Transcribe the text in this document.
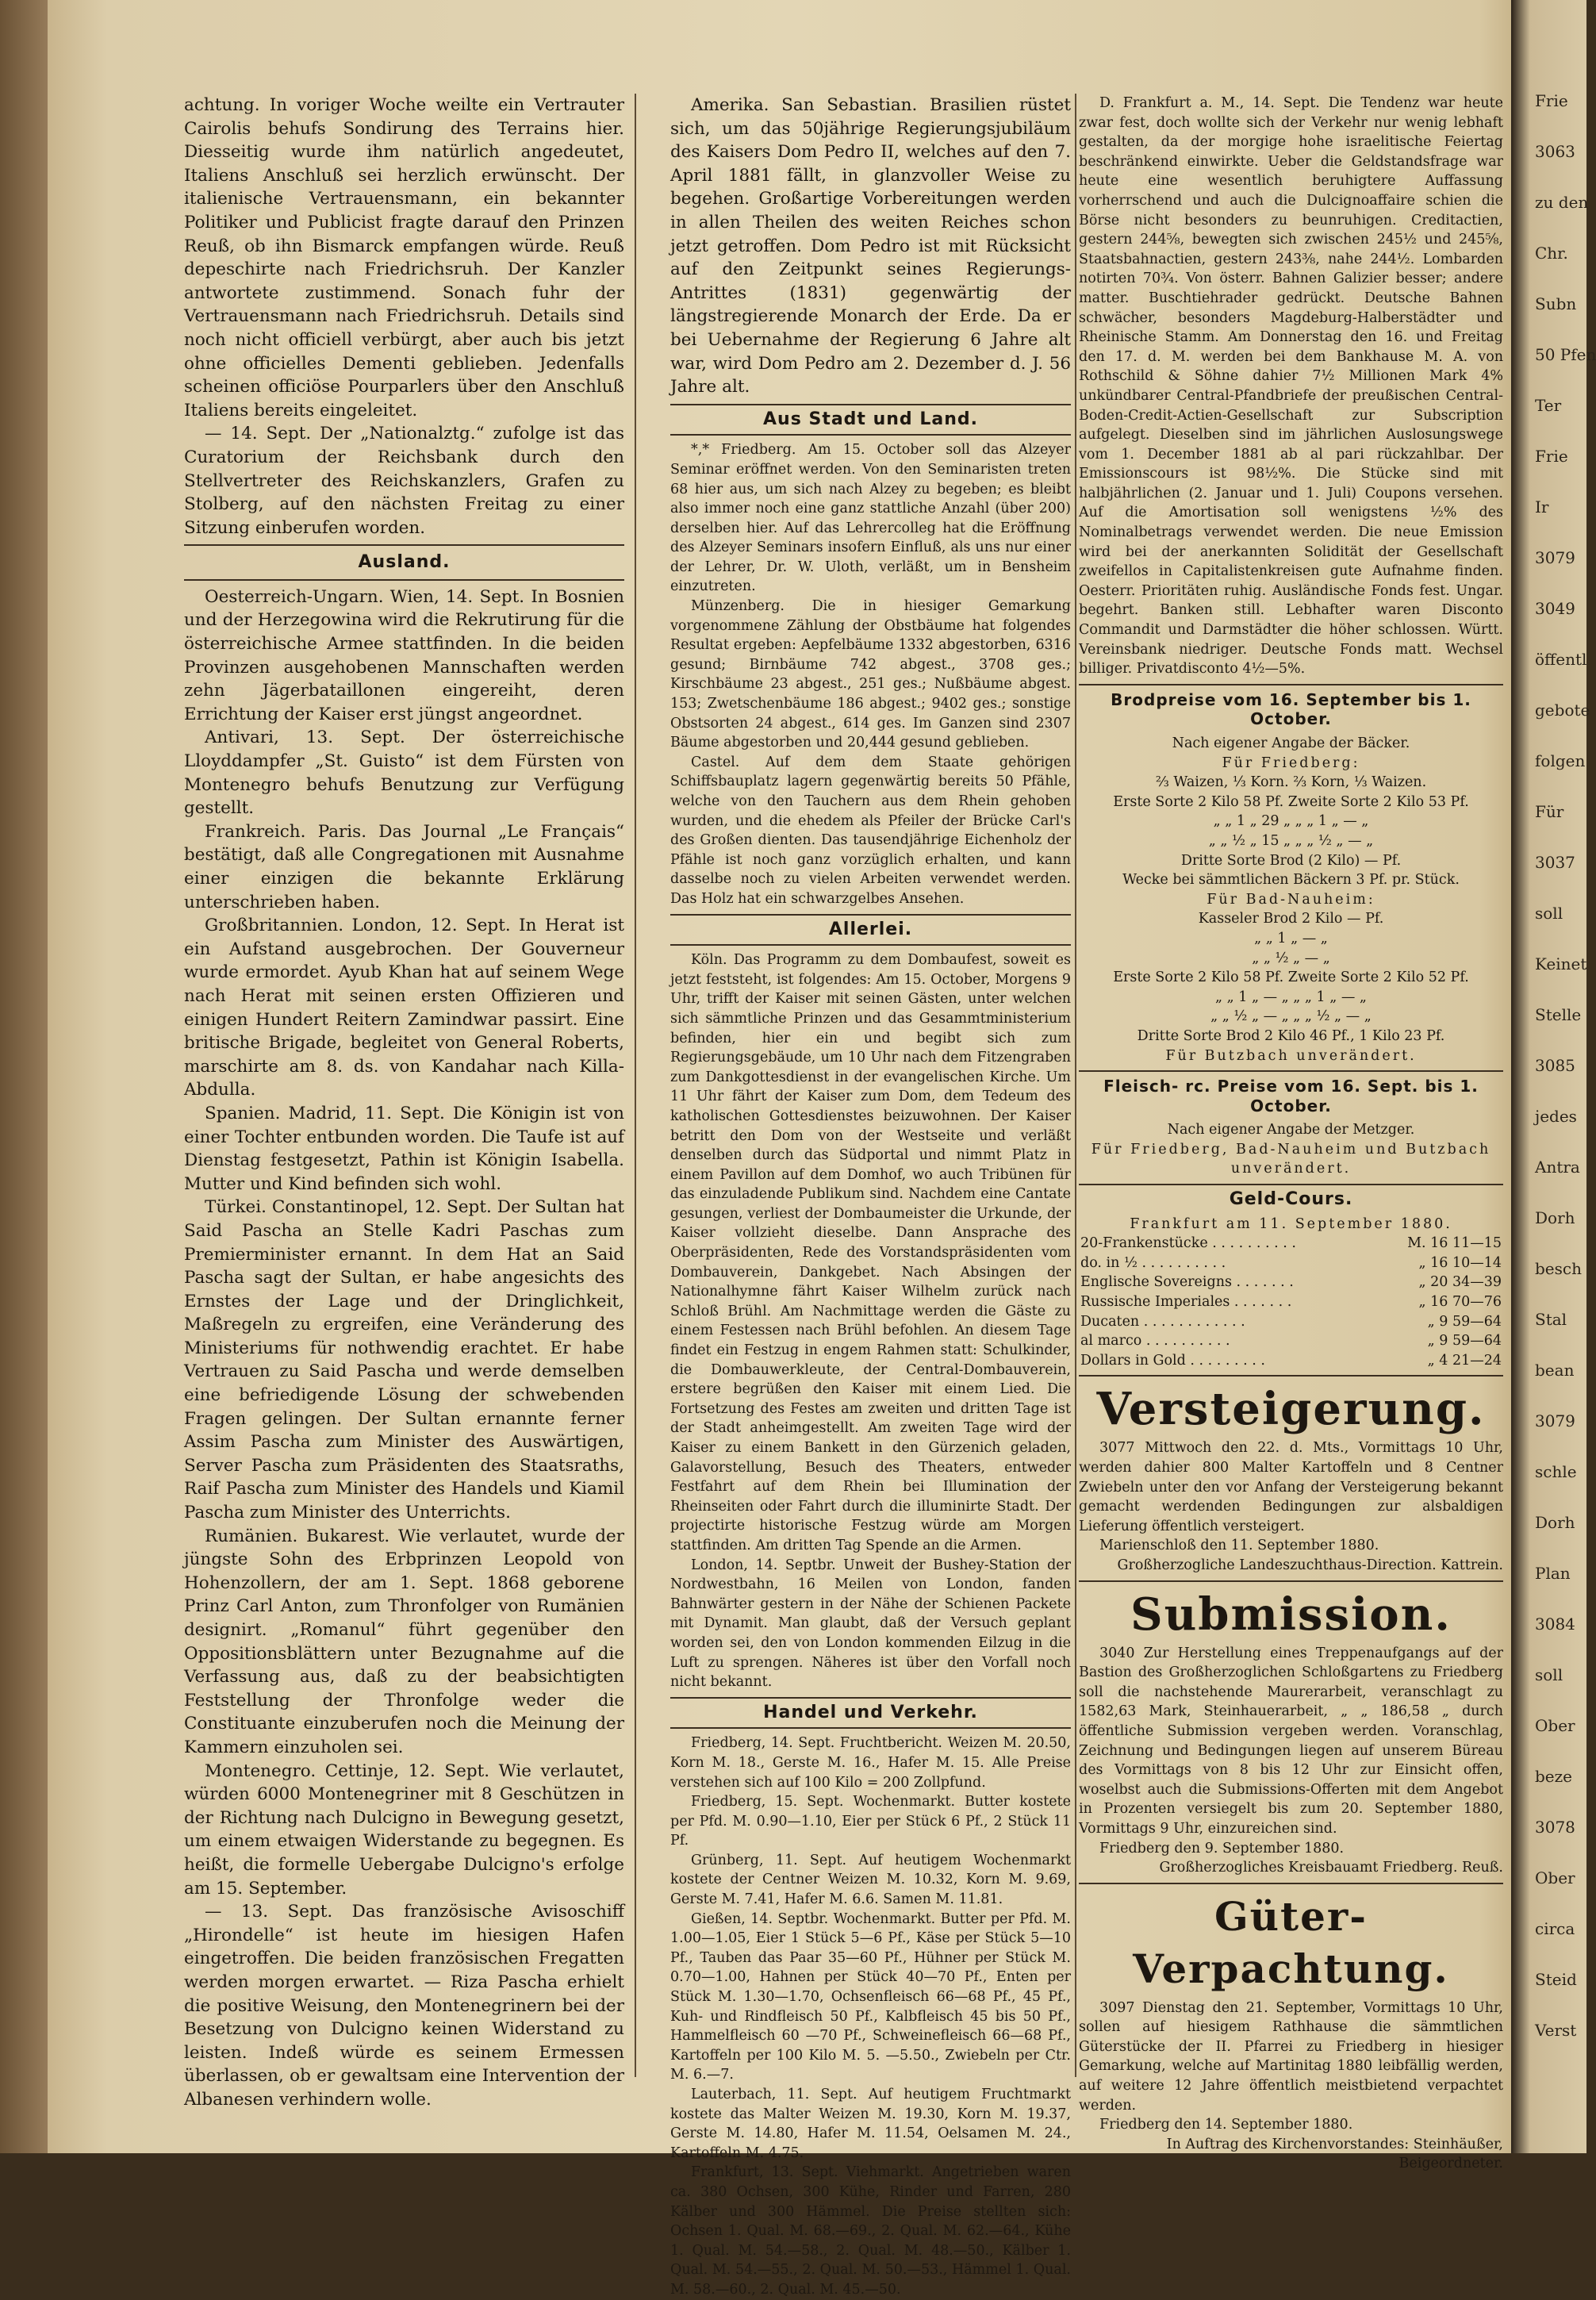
achtung. In voriger Woche weilte ein Vertrauter Cairolis behufs Sondirung des Terrains hier. Diesseitig wurde ihm natürlich angedeutet, Italiens Anschluß sei herzlich erwünscht. Der italienische Vertrauensmann, ein bekannter Politiker und Publicist fragte darauf den Prinzen Reuß, ob ihn Bismarck empfangen würde. Reuß depeschirte nach Friedrichsruh. Der Kanzler antwortete zustimmend. Sonach fuhr der Vertrauensmann nach Friedrichsruh. Details sind noch nicht officiell verbürgt, aber auch bis jetzt ohne officielles Dementi geblieben. Jedenfalls scheinen officiöse Pourparlers über den Anschluß Italiens bereits eingeleitet.

— 14. Sept. Der „Nationalztg.“ zufolge ist das Curatorium der Reichsbank durch den Stellvertreter des Reichskanzlers, Grafen zu Stolberg, auf den nächsten Freitag zu einer Sitzung einberufen worden.

Ausland.

Oesterreich-Ungarn. Wien, 14. Sept. In Bosnien und der Herzegowina wird die Rekrutirung für die österreichische Armee stattfinden. In die beiden Provinzen ausgehobenen Mannschaften werden zehn Jägerbataillonen eingereiht, deren Errichtung der Kaiser erst jüngst angeordnet.

Antivari, 13. Sept. Der österreichische Lloyddampfer „St. Guisto“ ist dem Fürsten von Montenegro behufs Benutzung zur Verfügung gestellt.

Frankreich. Paris. Das Journal „Le Français“ bestätigt, daß alle Congregationen mit Ausnahme einer einzigen die bekannte Erklärung unterschrieben haben.

Großbritannien. London, 12. Sept. In Herat ist ein Aufstand ausgebrochen. Der Gouverneur wurde ermordet. Ayub Khan hat auf seinem Wege nach Herat mit seinen ersten Offizieren und einigen Hundert Reitern Zamindwar passirt. Eine britische Brigade, begleitet von General Roberts, marschirte am 8. ds. von Kandahar nach Killa-Abdulla.

Spanien. Madrid, 11. Sept. Die Königin ist von einer Tochter entbunden worden. Die Taufe ist auf Dienstag festgesetzt, Pathin ist Königin Isabella. Mutter und Kind befinden sich wohl.

Türkei. Constantinopel, 12. Sept. Der Sultan hat Said Pascha an Stelle Kadri Paschas zum Premierminister ernannt. In dem Hat an Said Pascha sagt der Sultan, er habe angesichts des Ernstes der Lage und der Dringlichkeit, Maßregeln zu ergreifen, eine Veränderung des Ministeriums für nothwendig erachtet. Er habe Vertrauen zu Said Pascha und werde demselben eine befriedigende Lösung der schwebenden Fragen gelingen. Der Sultan ernannte ferner Assim Pascha zum Minister des Auswärtigen, Server Pascha zum Präsidenten des Staatsraths, Raif Pascha zum Minister des Handels und Kiamil Pascha zum Minister des Unterrichts.

Rumänien. Bukarest. Wie verlautet, wurde der jüngste Sohn des Erbprinzen Leopold von Hohenzollern, der am 1. Sept. 1868 geborene Prinz Carl Anton, zum Thronfolger von Rumänien designirt. „Romanul“ führt gegenüber den Oppositionsblättern unter Bezugnahme auf die Verfassung aus, daß zu der beabsichtigten Feststellung der Thronfolge weder die Constituante einzuberufen noch die Meinung der Kammern einzuholen sei.

Montenegro. Cettinje, 12. Sept. Wie verlautet, würden 6000 Montenegriner mit 8 Geschützen in der Richtung nach Dulcigno in Bewegung gesetzt, um einem etwaigen Widerstande zu begegnen. Es heißt, die formelle Uebergabe Dulcigno's erfolge am 15. September.

— 13. Sept. Das französische Avisoschiff „Hirondelle“ ist heute im hiesigen Hafen eingetroffen. Die beiden französischen Fregatten werden morgen erwartet. — Riza Pascha erhielt die positive Weisung, den Montenegrinern bei der Besetzung von Dulcigno keinen Widerstand zu leisten. Indeß würde es seinem Ermessen überlassen, ob er gewaltsam eine Intervention der Albanesen verhindern wolle.

Amerika. San Sebastian. Brasilien rüstet sich, um das 50jährige Regierungsjubiläum des Kaisers Dom Pedro II, welches auf den 7. April 1881 fällt, in glanzvoller Weise zu begehen. Großartige Vorbereitungen werden in allen Theilen des weiten Reiches schon jetzt getroffen. Dom Pedro ist mit Rücksicht auf den Zeitpunkt seines Regierungs-Antrittes (1831) gegenwärtig der längstregierende Monarch der Erde. Da er bei Uebernahme der Regierung 6 Jahre alt war, wird Dom Pedro am 2. Dezember d. J. 56 Jahre alt.

Aus Stadt und Land.

*,* Friedberg. Am 15. October soll das Alzeyer Seminar eröffnet werden. Von den Seminaristen treten 68 hier aus, um sich nach Alzey zu begeben; es bleibt also immer noch eine ganz stattliche Anzahl (über 200) derselben hier. Auf das Lehrercolleg hat die Eröffnung des Alzeyer Seminars insofern Einfluß, als uns nur einer der Lehrer, Dr. W. Uloth, verläßt, um in Bensheim einzutreten.

Münzenberg. Die in hiesiger Gemarkung vorgenommene Zählung der Obstbäume hat folgendes Resultat ergeben: Aepfelbäume 1332 abgestorben, 6316 gesund; Birnbäume 742 abgest., 3708 ges.; Kirschbäume 23 abgest., 251 ges.; Nußbäume abgest. 153; Zwetschenbäume 186 abgest.; 9402 ges.; sonstige Obstsorten 24 abgest., 614 ges. Im Ganzen sind 2307 Bäume abgestorben und 20,444 gesund geblieben.

Castel. Auf dem dem Staate gehörigen Schiffsbauplatz lagern gegenwärtig bereits 50 Pfähle, welche von den Tauchern aus dem Rhein gehoben wurden, und die ehedem als Pfeiler der Brücke Carl's des Großen dienten. Das tausendjährige Eichenholz der Pfähle ist noch ganz vorzüglich erhalten, und kann dasselbe noch zu vielen Arbeiten verwendet werden. Das Holz hat ein schwarzgelbes Ansehen.

Allerlei.

Köln. Das Programm zu dem Dombaufest, soweit es jetzt feststeht, ist folgendes: Am 15. October, Morgens 9 Uhr, trifft der Kaiser mit seinen Gästen, unter welchen sich sämmtliche Prinzen und das Gesammtministerium befinden, hier ein und begibt sich zum Regierungsgebäude, um 10 Uhr nach dem Fitzengraben zum Dankgottesdienst in der evangelischen Kirche. Um 11 Uhr fährt der Kaiser zum Dom, dem Tedeum des katholischen Gottesdienstes beizuwohnen. Der Kaiser betritt den Dom von der Westseite und verläßt denselben durch das Südportal und nimmt Platz in einem Pavillon auf dem Domhof, wo auch Tribünen für das einzuladende Publikum sind. Nachdem eine Cantate gesungen, verliest der Dombaumeister die Urkunde, der Kaiser vollzieht dieselbe. Dann Ansprache des Oberpräsidenten, Rede des Vorstandspräsidenten vom Dombauverein, Dankgebet. Nach Absingen der Nationalhymne fährt Kaiser Wilhelm zurück nach Schloß Brühl. Am Nachmittage werden die Gäste zu einem Festessen nach Brühl befohlen. An diesem Tage findet ein Festzug in engem Rahmen statt: Schulkinder, die Dombauwerkleute, der Central-Dombauverein, erstere begrüßen den Kaiser mit einem Lied. Die Fortsetzung des Festes am zweiten und dritten Tage ist der Stadt anheimgestellt. Am zweiten Tage wird der Kaiser zu einem Bankett in den Gürzenich geladen, Galavorstellung, Besuch des Theaters, entweder Festfahrt auf dem Rhein bei Illumination der Rheinseiten oder Fahrt durch die illuminirte Stadt. Der projectirte historische Festzug würde am Morgen stattfinden. Am dritten Tag Spende an die Armen.

London, 14. Septbr. Unweit der Bushey-Station der Nordwestbahn, 16 Meilen von London, fanden Bahnwärter gestern in der Nähe der Schienen Packete mit Dynamit. Man glaubt, daß der Versuch geplant worden sei, den von London kommenden Eilzug in die Luft zu sprengen. Näheres ist über den Vorfall noch nicht bekannt.

Handel und Verkehr.

Friedberg, 14. Sept. Fruchtbericht. Weizen M. 20.50, Korn M. 18., Gerste M. 16., Hafer M. 15. Alle Preise verstehen sich auf 100 Kilo = 200 Zollpfund.

Friedberg, 15. Sept. Wochenmarkt. Butter kostete per Pfd. M. 0.90—1.10, Eier per Stück 6 Pf., 2 Stück 11 Pf.

Grünberg, 11. Sept. Auf heutigem Wochenmarkt kostete der Centner Weizen M. 10.32, Korn M. 9.69, Gerste M. 7.41, Hafer M. 6.6. Samen M. 11.81.

Gießen, 14. Septbr. Wochenmarkt. Butter per Pfd. M. 1.00—1.05, Eier 1 Stück 5—6 Pf., Käse per Stück 5—10 Pf., Tauben das Paar 35—60 Pf., Hühner per Stück M. 0.70—1.00, Hahnen per Stück 40—70 Pf., Enten per Stück M. 1.30—1.70, Ochsenfleisch 66—68 Pf., 45 Pf., Kuh- und Rindfleisch 50 Pf., Kalbfleisch 45 bis 50 Pf., Hammelfleisch 60 —70 Pf., Schweinefleisch 66—68 Pf., Kartoffeln per 100 Kilo M. 5. —5.50., Zwiebeln per Ctr. M. 6.—7.

Lauterbach, 11. Sept. Auf heutigem Fruchtmarkt kostete das Malter Weizen M. 19.30, Korn M. 19.37, Gerste M. 14.80, Hafer M. 11.54, Oelsamen M. 24., Kartoffeln M. 4.75.

Frankfurt, 13. Sept. Viehmarkt. Angetrieben waren ca. 380 Ochsen, 300 Kühe, Rinder und Farren, 280 Kälber und 300 Hämmel. Die Preise stellten sich: Ochsen 1. Qual. M. 68.—69., 2. Qual. M. 62.—64., Kühe 1. Qual. M. 54.—58., 2. Qual. M. 48.—50., Kälber 1. Qual. M. 54.—55., 2. Qual. M. 50.—53., Hämmel 1. Qual. M. 58.—60., 2. Qual. M. 45.—50.

D. Frankfurt a. M., 14. Sept. Die Tendenz war heute zwar fest, doch wollte sich der Verkehr nur wenig lebhaft gestalten, da der morgige hohe israelitische Feiertag beschränkend einwirkte. Ueber die Geldstandsfrage war heute eine wesentlich beruhigtere Auffassung vorherrschend und auch die Dulcignoaffaire schien die Börse nicht besonders zu beunruhigen. Creditactien, gestern 244⅝, bewegten sich zwischen 245½ und 245⅝, Staatsbahnactien, gestern 243⅜, nahe 244½. Lombarden notirten 70¾. Von österr. Bahnen Galizier besser; andere matter. Buschtiehrader gedrückt. Deutsche Bahnen schwächer, besonders Magdeburg-Halberstädter und Rheinische Stamm. Am Donnerstag den 16. und Freitag den 17. d. M. werden bei dem Bankhause M. A. von Rothschild & Söhne dahier 7½ Millionen Mark 4% unkündbarer Central-Pfandbriefe der preußischen Central-Boden-Credit-Actien-Gesellschaft zur Subscription aufgelegt. Dieselben sind im jährlichen Auslosungswege vom 1. December 1881 ab al pari rückzahlbar. Der Emissionscours ist 98½%. Die Stücke sind mit halbjährlichen (2. Januar und 1. Juli) Coupons versehen. Auf die Amortisation soll wenigstens ½% des Nominalbetrags verwendet werden. Die neue Emission wird bei der anerkannten Solidität der Gesellschaft zweifellos in Capitalistenkreisen gute Aufnahme finden. Oesterr. Prioritäten ruhig. Ausländische Fonds fest. Ungar. begehrt. Banken still. Lebhafter waren Disconto Commandit und Darmstädter die höher schlossen. Württ. Vereinsbank niedriger. Deutsche Fonds matt. Wechsel billiger. Privatdisconto 4½—5%.

Brodpreise vom 16. September bis 1. October.
Nach eigener Angabe der Bäcker.
Für Friedberg:
⅔ Waizen, ⅓ Korn. ⅔ Korn, ⅓ Waizen.
Erste Sorte 2 Kilo 58 Pf. Zweite Sorte 2 Kilo 53 Pf.
„ „ 1 „ 29 „ „ „ 1 „ — „
„ „ ½ „ 15 „ „ „ ½ „ — „
Dritte Sorte Brod (2 Kilo) — Pf.
Wecke bei sämmtlichen Bäckern 3 Pf. pr. Stück.
Für Bad-Nauheim:
Kasseler Brod 2 Kilo — Pf.
„ „ 1 „ — „
„ „ ½ „ — „
Erste Sorte 2 Kilo 58 Pf. Zweite Sorte 2 Kilo 52 Pf.
„ „ 1 „ — „ „ „ 1 „ — „
„ „ ½ „ — „ „ „ ½ „ — „
Dritte Sorte Brod 2 Kilo 46 Pf., 1 Kilo 23 Pf.
Für Butzbach unverändert.
Fleisch- rc. Preise vom 16. Sept. bis 1. October.
Nach eigener Angabe der Metzger.
Für Friedberg, Bad-Nauheim und Butzbach unverändert.
Geld-Cours.
Frankfurt am 11. September 1880.
20-Frankenstücke . . . . . . . . . .	M. 16 11—15
do. in ½ . . . . . . . . . .	„ 16 10—14
Englische Sovereigns . . . . . . .	„ 20 34—39
Russische Imperiales . . . . . . .	„ 16 70—76
Ducaten . . . . . . . . . . . .	„ 9 59—64
al marco . . . . . . . . . .	„ 9 59—64
Dollars in Gold . . . . . . . . .	„ 4 21—24
Versteigerung.

3077 Mittwoch den 22. d. Mts., Vormittags 10 Uhr, werden dahier 800 Malter Kartoffeln und 8 Centner Zwiebeln unter den vor Anfang der Versteigerung bekannt gemacht werdenden Bedingungen zur alsbaldigen Lieferung öffentlich versteigert.

Marienschloß den 11. September 1880.

Großherzogliche Landeszuchthaus-Direction. Kattrein.
Submission.

3040 Zur Herstellung eines Treppenaufgangs auf der Bastion des Großherzoglichen Schloßgartens zu Friedberg soll die nachstehende Maurerarbeit, veranschlagt zu 1582,63 Mark, Steinhauerarbeit, „ „ 186,58 „ durch öffentliche Submission vergeben werden. Voranschlag, Zeichnung und Bedingungen liegen auf unserem Büreau des Vormittags von 8 bis 12 Uhr zur Einsicht offen, woselbst auch die Submissions-Offerten mit dem Angebot in Prozenten versiegelt bis zum 20. September 1880, Vormittags 9 Uhr, einzureichen sind.

Friedberg den 9. September 1880.

Großherzogliches Kreisbauamt Friedberg. Reuß.
Güter-Verpachtung.

3097 Dienstag den 21. September, Vormittags 10 Uhr, sollen auf hiesigem Rathhause die sämmtlichen Güterstücke der II. Pfarrei zu Friedberg in hiesiger Gemarkung, welche auf Martinitag 1880 leibfällig werden, auf weitere 12 Jahre öffentlich meistbietend verpachtet werden.

Friedberg den 14. September 1880.

In Auftrag des Kirchenvorstandes: Steinhäußer, Beigeordneter.
Frie
3063
zu den
Chr.
Subn
50 Pfen
Ter
Frie
Ir
3079
3049
öffentl
gebote
folgen
Für
3037
soll
Keinet
Stelle
3085
jedes
Antra
Dorh
besch
Stal
bean
3079
schle
Dorh
Plan
3084
soll
Ober
beze
3078
Ober
circa
Steid
Verst
